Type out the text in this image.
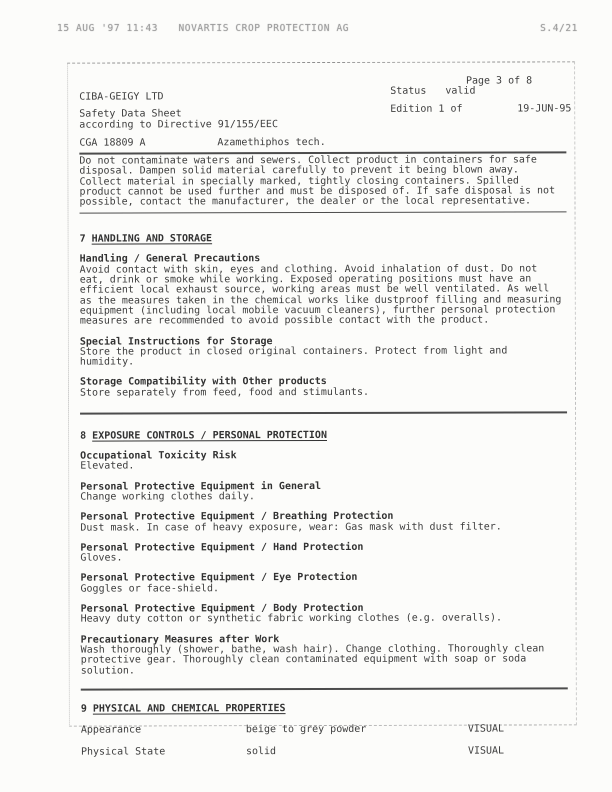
15 AUG '97 11:43 NOVARTIS CROP PROTECTION AG	S.4/21
Page 3 of 8
Status valid
Edition 1 of	19-JUN-95
CIBA-GEIGY LTD
Safety Data Sheet
according to Directive 91/155/EEC
CGA 18809 A	Azamethiphos tech.

Do not contaminate waters and sewers. Collect product in containers for safe
disposal. Dampen solid material carefully to prevent it being blown away.
Collect material in specially marked, tightly closing containers. Spilled
product cannot be used further and must be disposed of. If safe disposal is not
possible, contact the manufacturer, the dealer or the local representative.

7 HANDLING AND STORAGE
Handling / General Precautions

Avoid contact with skin, eyes and clothing. Avoid inhalation of dust. Do not
eat, drink or smoke while working. Exposed operating positions must have an
efficient local exhaust source, working areas must be well ventilated. As well
as the measures taken in the chemical works like dustproof filling and measuring
equipment (including local mobile vacuum cleaners), further personal protection
measures are recommended to avoid possible contact with the product.

Special Instructions for Storage

Store the product in closed original containers. Protect from light and
humidity.

Storage Compatibility with Other products

Store separately from feed, food and stimulants.

8 EXPOSURE CONTROLS / PERSONAL PROTECTION
Occupational Toxicity Risk

Elevated.

Personal Protective Equipment in General

Change working clothes daily.

Personal Protective Equipment / Breathing Protection

Dust mask. In case of heavy exposure, wear: Gas mask with dust filter.

Personal Protective Equipment / Hand Protection

Gloves.

Personal Protective Equipment / Eye Protection

Goggles or face-shield.

Personal Protective Equipment / Body Protection

Heavy duty cotton or synthetic fabric working clothes (e.g. overalls).

Precautionary Measures after Work

Wash thoroughly (shower, bathe, wash hair). Change clothing. Thoroughly clean
protective gear. Thoroughly clean contaminated equipment with soap or soda
solution.

9 PHYSICAL AND CHEMICAL PROPERTIES
Appearance	beige to grey powder	VISUAL
Physical State	solid	VISUAL
